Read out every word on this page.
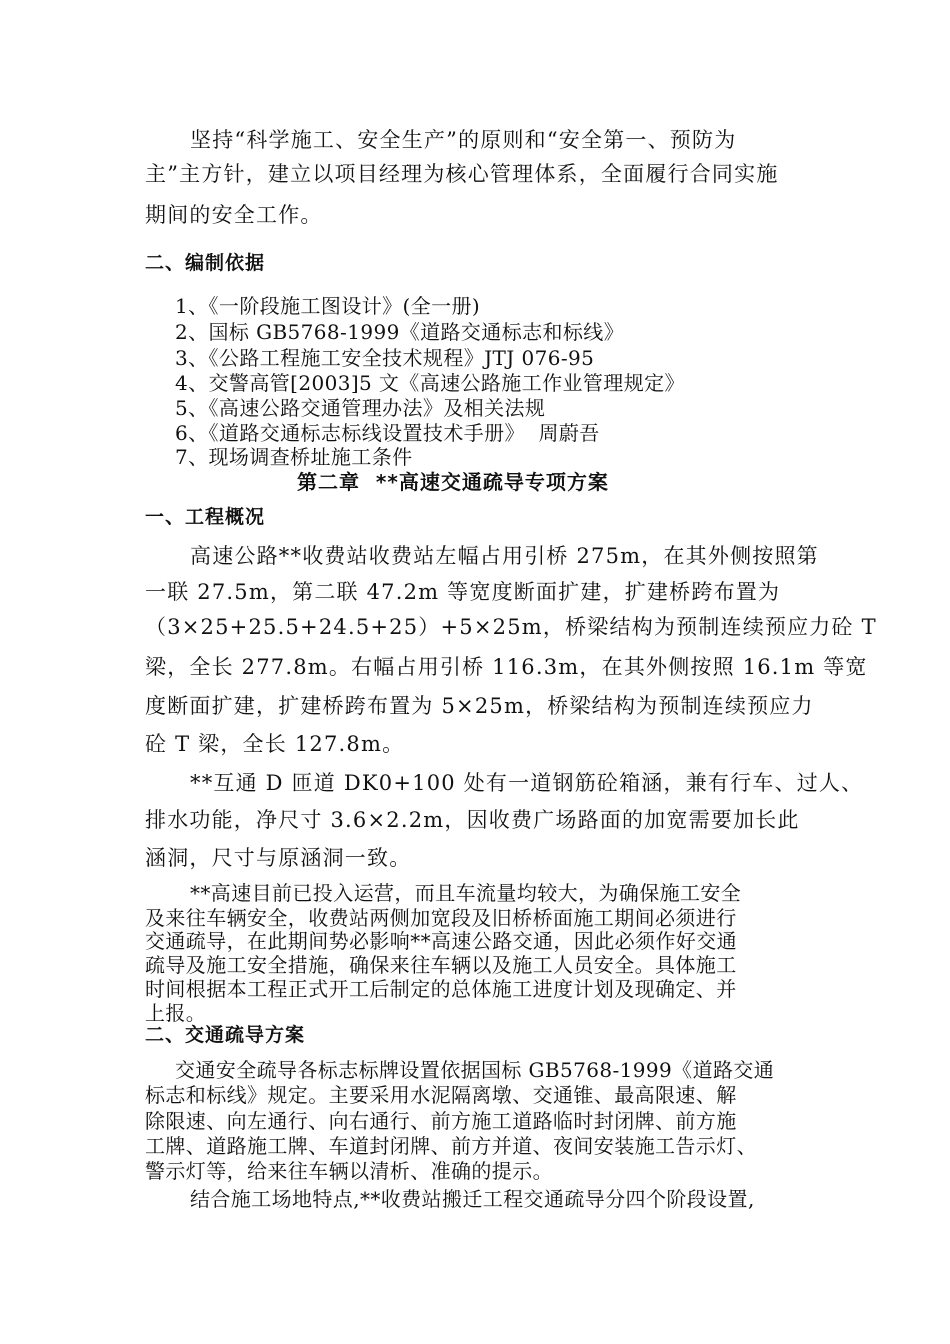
坚持“科学施工、安全生产”的原则和“安全第一、预防为
主”主方针，建立以项目经理为核心管理体系，全面履行合同实施
期间的安全工作。
二、编制依据
1、《一阶段施工图设计》(全一册)
2、国标 GB5768-1999《道路交通标志和标线》
3、《公路工程施工安全技术规程》JTJ 076-95
4、交警高管[2003]5 文《高速公路施工作业管理规定》
5、《高速公路交通管理办法》及相关法规
6、《道路交通标志标线设置技术手册》  周蔚吾
7、现场调查桥址施工条件
第二章  **高速交通疏导专项方案
一、工程概况
高速公路**收费站收费站左幅占用引桥 275m，在其外侧按照第
一联 27.5m，第二联 47.2m 等宽度断面扩建，扩建桥跨布置为
（3×25+25.5+24.5+25）+5×25m，桥梁结构为预制连续预应力砼 T
梁，全长 277.8m。右幅占用引桥 116.3m，在其外侧按照 16.1m 等宽
度断面扩建，扩建桥跨布置为 5×25m，桥梁结构为预制连续预应力
砼 T 梁，全长 127.8m。
**互通 D 匝道 DK0+100 处有一道钢筋砼箱涵，兼有行车、过人、
排水功能，净尺寸 3.6×2.2m，因收费广场路面的加宽需要加长此
涵洞，尺寸与原涵洞一致。
**高速目前已投入运营，而且车流量均较大，为确保施工安全
及来往车辆安全，收费站两侧加宽段及旧桥桥面施工期间必须进行
交通疏导，在此期间势必影响**高速公路交通，因此必须作好交通
疏导及施工安全措施，确保来往车辆以及施工人员安全。具体施工
时间根据本工程正式开工后制定的总体施工进度计划及现确定、并
上报。
二、交通疏导方案
交通安全疏导各标志标牌设置依据国标 GB5768-1999《道路交通
标志和标线》规定。主要采用水泥隔离墩、交通锥、最高限速、解
除限速、向左通行、向右通行、前方施工道路临时封闭牌、前方施
工牌、道路施工牌、车道封闭牌、前方并道、夜间安装施工告示灯、
警示灯等，给来往车辆以清析、准确的提示。
结合施工场地特点,**收费站搬迁工程交通疏导分四个阶段设置,
